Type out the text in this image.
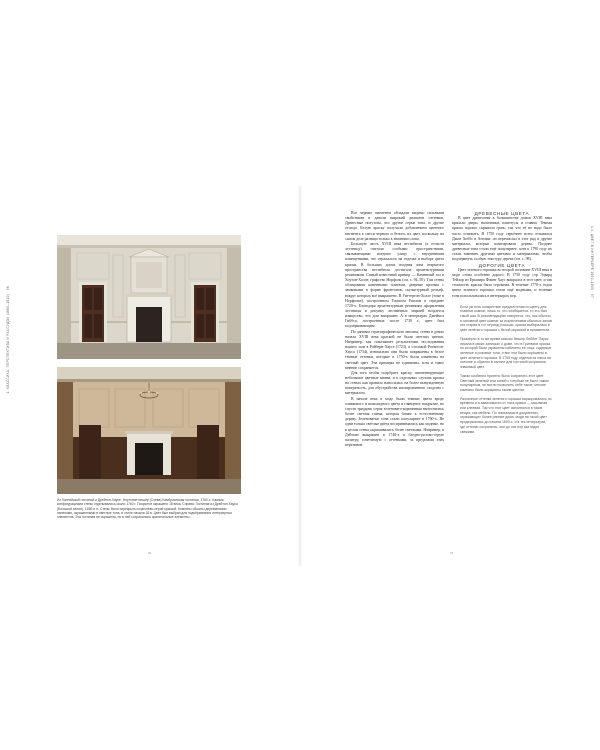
1. КЛАССИКА, ПЕРСПЕКТИВА И РАССУДОК (1660–1820) · 96
Из Ланнэйской гостиной и Дрейтон-Хаусе, Нортгемптоншир (Слева) Камбрианская гостиная, 1760-х. Какими конфигурациями стены отделывались около 1760 г. Покрытие окрашено 18 века. Справа: Гостиная из Дрейтон-Хауса (Большой салон), 1650-е гг. Стены были перекрыты коричнево-серой краской. Комнаты обшиты деревянными панелями, окрашенными в светлые тона, в стиле начала 18 в. Цвет был выбран для подчёркивания интерьерных элементов. Эта гостиная не окрашена, но в ней сохранились оригинальные элементы.
1.4. ЦВЕТ В ИНТЕРЬЕРЕ 1650–1800 · 97

Все черные пигменты обладали видимо сильными свойствами и давали широкий диапазон оттенков. Древесные полутона, что другие серые тона, и другие отсюда. Белую краску получали добавлением цветного пигмента к смеси черного и белого, их цвет, поскольку на самом деле разница только в значении слова.

Большую часть XVIII века вестибюли (а отчасти лестницу) считали особыми пространствами, связывающими воедино улицу с внутренними помещениями, что отражалось на отделке и выборе цвета краски. В больших домах входная зона открытого пространства вестибюля достигала архитектурными решениями. Самый известный пример — Каменный зал в Хоутон-Холле, графство Норфолк (см. с. 94–95). Там стены облицованы каменными плитами, дверные проемы с замковыми в форме фронтонов, скульптурный рельеф, вокруг которых всё выкрашено. В Уиттертон-Холле (тоже в Норфолке), построенном Томасом Риплом в середине 1720-х. Благодаря архитектурным решениям оформления лестницы и рисунку лестничных маршей воздается изящество, что дом выкрашен. А в интерьерах Джеймса Гиббса, построенных после 1730 г., цвет был подчёркивающим.

По данным стратиграфического анализа, стены в домах начала XVIII века краской не были светлых цветов. Например, как показывает результатами исследования нашего зала в Райберн-Хаусе (1723), в столовой Рответон-Хауса (1734), изначально они были покрашены в белое темные оттенки, которые в 1750-х были изменены на светлый цвет. Эти примеры не единичны, хотя и такое мнение сохраняется.

Для того чтобы подобрать краску, пигментирующие небольшие цветные камни, и в отдельных случаях краска на стенах как правило наносилась на более вынужденную поверхность, для обустройства изолированного сходства с материалом.

В начале века в моде были темные цвета вроде оливкового и шоколадного цвета и глянцевое покрытие, но спустя тридцать серая зеленовато-коричневая вытеснилась более светлая гамма, которая ближе к естественному дереву. Зеленоватые тона стали популярнее в 1760-х. Не одни только светлые цвета воспринимались как модные, но в целом стены окрашивались более светлыми. Например, в Дейтоне выкрашен в 1740-х в бледно-розово-серую палитру, сочетаемую с оттенками, за пределами этих переливов.

ДРЕВЕСНЫЕ ЦВЕТА

В цвет древесины в большинстве домов XVIII века красили двери, наличники, плинтусы и ставни. Темная краска хорошо скрывала грязь, так что её не надо было часто освежать. В 1750 году серьёзнее всего отзывался Джон Хоббс в Англии: он перечислял в этот ряд и другие материалы, которые имитировали дерево. Позднее древесные тона стали ещё популярнее, хотя к 1790 году их стали заменять другими цветами и материалами, чтобы подчеркнуть особую текстуру дерева (см. с. 98).

ДОРОГИЕ ЦВЕТА

Цвет зеленого горошка во второй половине XVIII века в моде стоил особенно дорого. В 1750 году сэр Эдвард Тейлор из Еркшира Флинт Хаус выкрасил в этот цвет, и так стоимость краски была огромная. В течение 1770-х годов цвета зеленого горошка стали ещё модными, и зеленые тона использовались в интерьерах пор.

Если уж есть конкретные предпочтения по цвету для главных комнат, лишь то, что сообщается, то это был такой шаг. В рекомендациях говорится, что, как обычно, в основной цвет комнат за исключением обычных залов эта старая в тот период роскошь, краска выбиралась в цвет зелёного горошка с белой окраской в орнаментах.

Примерно в то же время миссис Фишер Либбет Пауис писала в своих записках о доме, что в Гринвиче краска, по которой были украшены кабинеты её отца, содержит зеленые и розовые тона, и все они были окрашены в цвет зеленого горошка. В 1755 году отделка из гипса на потолке и обратно в салоне для гостиной сохранила знакомый цвет.

Таким особенно приятно было сохранять этот цвет. Светлый зеленый или синий с голубым не было таким популярным, не могли позволить себе такое; многие комнаты были окрашены таким цветом.

Различные оттенки зеленого горошка варьировались по времени и в зависимости от типа краски — масляная или клеевая. Так что этот цвет исполнялся в таких вещах, как мебель. По описаниям в документах, отражающих более ранние дома, мода на такой цвет продержалась до начала 1800-х, и в тех интерьерах, где оттенки сохранены, они до сих пор выглядят свежими.

96	97
